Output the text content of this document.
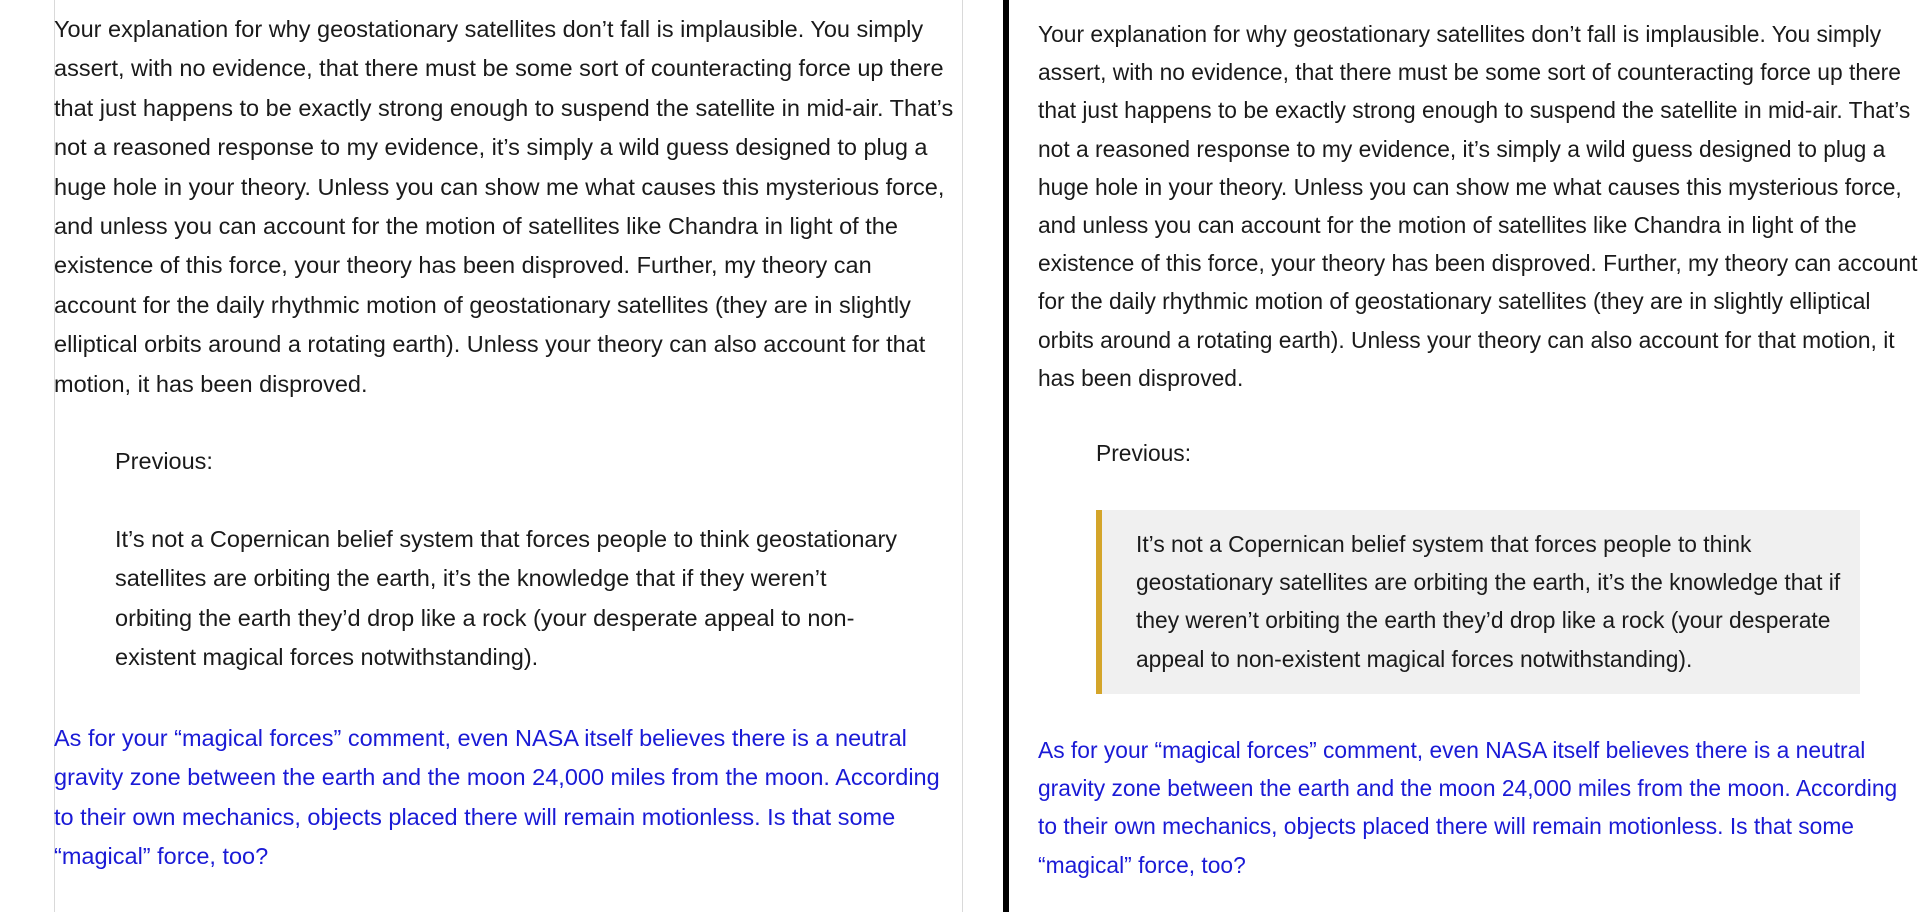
Your explanation for why geostationary satellites don’t fall is implausible. You simply assert, with no evidence, that there must be some sort of counteracting force up there that just happens to be exactly strong enough to suspend the satellite in mid-air. That’s not a reasoned response to my evidence, it’s simply a wild guess designed to plug a huge hole in your theory. Unless you can show me what causes this mysterious force, and unless you can account for the motion of satellites like Chandra in light of the existence of this force, your theory has been disproved. Further, my theory can account for the daily rhythmic motion of geostationary satellites (they are in slightly elliptical orbits around a rotating earth). Unless your theory can also account for that motion, it has been disproved.

Previous:

It’s not a Copernican belief system that forces people to think geostationary satellites are orbiting the earth, it’s the knowledge that if they weren’t orbiting the earth they’d drop like a rock (your desperate appeal to non-existent magical forces notwithstanding).

As for your “magical forces” comment, even NASA itself believes there is a neutral gravity zone between the earth and the moon 24,000 miles from the moon. According to their own mechanics, objects placed there will remain motionless. Is that some “magical” force, too?

Your explanation for why geostationary satellites don’t fall is implausible. You simply assert, with no evidence, that there must be some sort of counteracting force up there that just happens to be exactly strong enough to suspend the satellite in mid-air. That’s not a reasoned response to my evidence, it’s simply a wild guess designed to plug a huge hole in your theory. Unless you can show me what causes this mysterious force, and unless you can account for the motion of satellites like Chandra in light of the existence of this force, your theory has been disproved. Further, my theory can account for the daily rhythmic motion of geostationary satellites (they are in slightly elliptical orbits around a rotating earth). Unless your theory can also account for that motion, it has been disproved.

Previous:

It’s not a Copernican belief system that forces people to think geostationary satellites are orbiting the earth, it’s the knowledge that if they weren’t orbiting the earth they’d drop like a rock (your desperate appeal to non-existent magical forces notwithstanding).

As for your “magical forces” comment, even NASA itself believes there is a neutral gravity zone between the earth and the moon 24,000 miles from the moon. According to their own mechanics, objects placed there will remain motionless. Is that some “magical” force, too?
